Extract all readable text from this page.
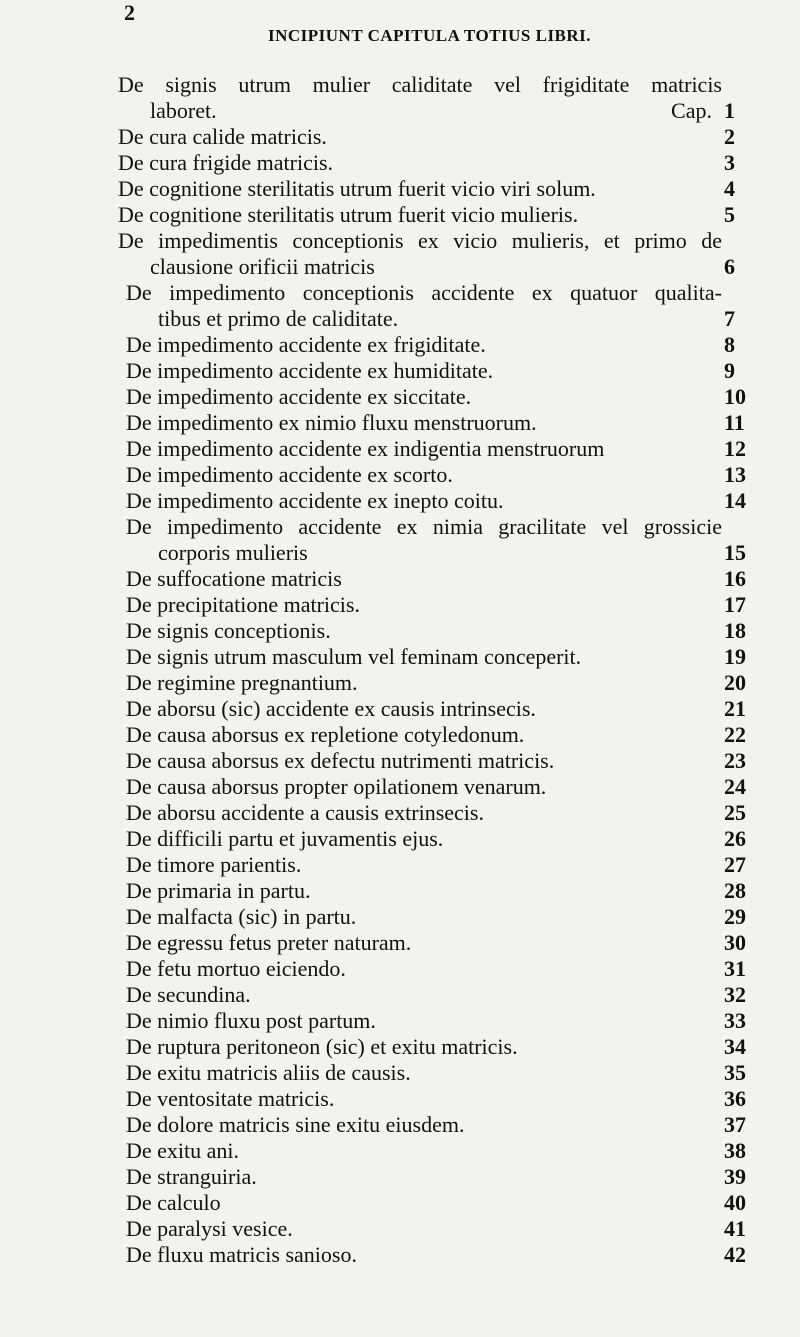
2
INCIPIUNT CAPITULA TOTIUS LIBRI.
De signis utrum mulier caliditate vel frigiditate matricis
laboret.	Cap. 1
De cura calide matricis.	2
De cura frigide matricis.	3
De cognitione sterilitatis utrum fuerit vicio viri solum.	4
De cognitione sterilitatis utrum fuerit vicio mulieris.	5
De impedimentis conceptionis ex vicio mulieris, et primo de
clausione orificii matricis	6
De impedimento conceptionis accidente ex quatuor qualita-
tibus et primo de caliditate.	7
De impedimento accidente ex frigiditate.	8
De impedimento accidente ex humiditate.	9
De impedimento accidente ex siccitate.	10
De impedimento ex nimio fluxu menstruorum.	11
De impedimento accidente ex indigentia menstruorum	12
De impedimento accidente ex scorto.	13
De impedimento accidente ex inepto coitu.	14
De impedimento accidente ex nimia gracilitate vel grossicie
corporis mulieris	15
De suffocatione matricis	16
De precipitatione matricis.	17
De signis conceptionis.	18
De signis utrum masculum vel feminam conceperit.	19
De regimine pregnantium.	20
De aborsu (sic) accidente ex causis intrinsecis.	21
De causa aborsus ex repletione cotyledonum.	22
De causa aborsus ex defectu nutrimenti matricis.	23
De causa aborsus propter opilationem venarum.	24
De aborsu accidente a causis extrinsecis.	25
De difficili partu et juvamentis ejus.	26
De timore parientis.	27
De primaria in partu.	28
De malfacta (sic) in partu.	29
De egressu fetus preter naturam.	30
De fetu mortuo eiciendo.	31
De secundina.	32
De nimio fluxu post partum.	33
De ruptura peritoneon (sic) et exitu matricis.	34
De exitu matricis aliis de causis.	35
De ventositate matricis.	36
De dolore matricis sine exitu eiusdem.	37
De exitu ani.	38
De stranguiria.	39
De calculo	40
De paralysi vesice.	41
De fluxu matricis sanioso.	42
